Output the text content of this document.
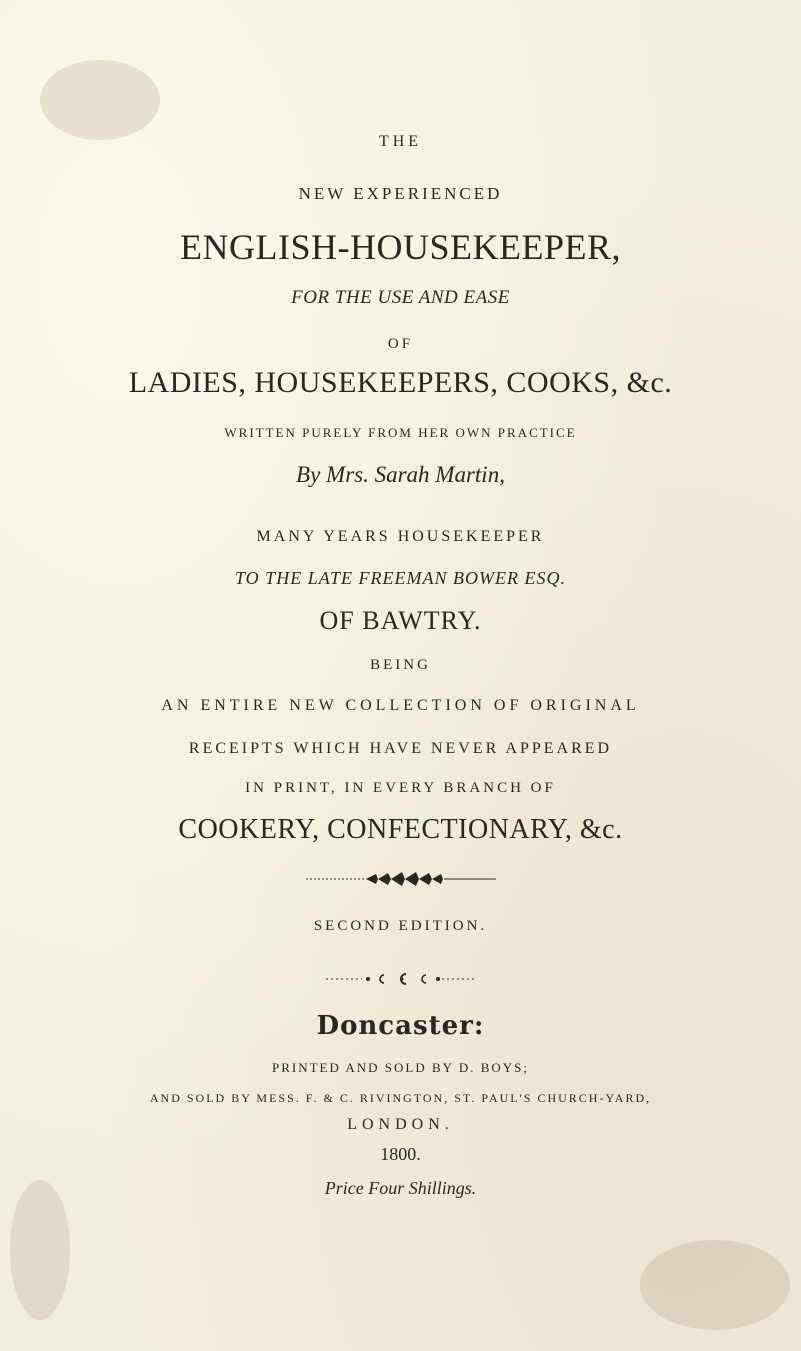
THE
NEW EXPERIENCED
ENGLISH-HOUSEKEEPER,
FOR THE USE AND EASE
OF
LADIES, HOUSEKEEPERS, COOKS, &c.
WRITTEN PURELY FROM HER OWN PRACTICE
By Mrs. Sarah Martin,
MANY YEARS HOUSEKEEPER
TO THE LATE FREEMAN BOWER ESQ.
OF BAWTRY.
BEING
AN ENTIRE NEW COLLECTION OF ORIGINAL
RECEIPTS WHICH HAVE NEVER APPEARED
IN PRINT, IN EVERY BRANCH OF
COOKERY, CONFECTIONARY, &c.
SECOND EDITION.
Doncaster:
PRINTED AND SOLD BY D. BOYS;
AND SOLD BY MESS. F. & C. RIVINGTON, ST. PAUL'S CHURCH-YARD,
LONDON.
1800.
Price Four Shillings.
